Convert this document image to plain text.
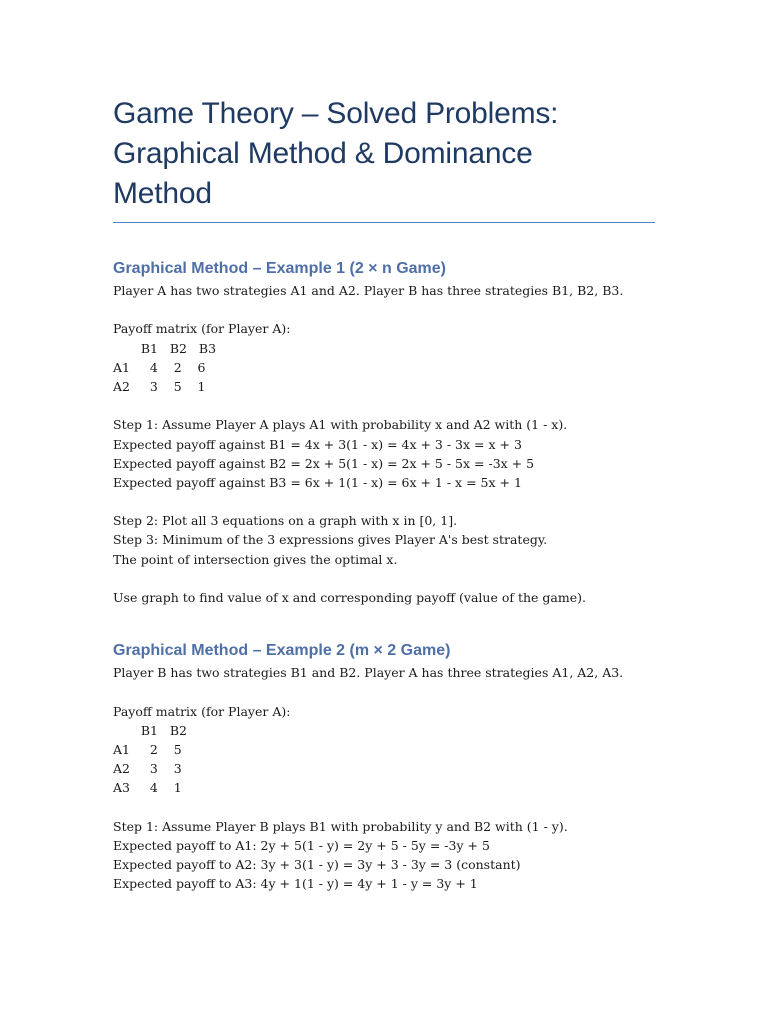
Game Theory – Solved Problems:
Graphical Method & Dominance
Method
Graphical Method – Example 1 (2 × n Game)
Player A has two strategies A1 and A2. Player B has three strategies B1, B2, B3.
Payoff matrix (for Player A):
B1   B2   B3
A1     4    2    6
A2     3    5    1
Step 1: Assume Player A plays A1 with probability x and A2 with (1 - x).
Expected payoff against B1 = 4x + 3(1 - x) = 4x + 3 - 3x = x + 3
Expected payoff against B2 = 2x + 5(1 - x) = 2x + 5 - 5x = -3x + 5
Expected payoff against B3 = 6x + 1(1 - x) = 6x + 1 - x = 5x + 1
Step 2: Plot all 3 equations on a graph with x in [0, 1].
Step 3: Minimum of the 3 expressions gives Player A's best strategy.
The point of intersection gives the optimal x.
Use graph to find value of x and corresponding payoff (value of the game).
Graphical Method – Example 2 (m × 2 Game)
Player B has two strategies B1 and B2. Player A has three strategies A1, A2, A3.
Payoff matrix (for Player A):
B1   B2
A1     2    5
A2     3    3
A3     4    1
Step 1: Assume Player B plays B1 with probability y and B2 with (1 - y).
Expected payoff to A1: 2y + 5(1 - y) = 2y + 5 - 5y = -3y + 5
Expected payoff to A2: 3y + 3(1 - y) = 3y + 3 - 3y = 3 (constant)
Expected payoff to A3: 4y + 1(1 - y) = 4y + 1 - y = 3y + 1
